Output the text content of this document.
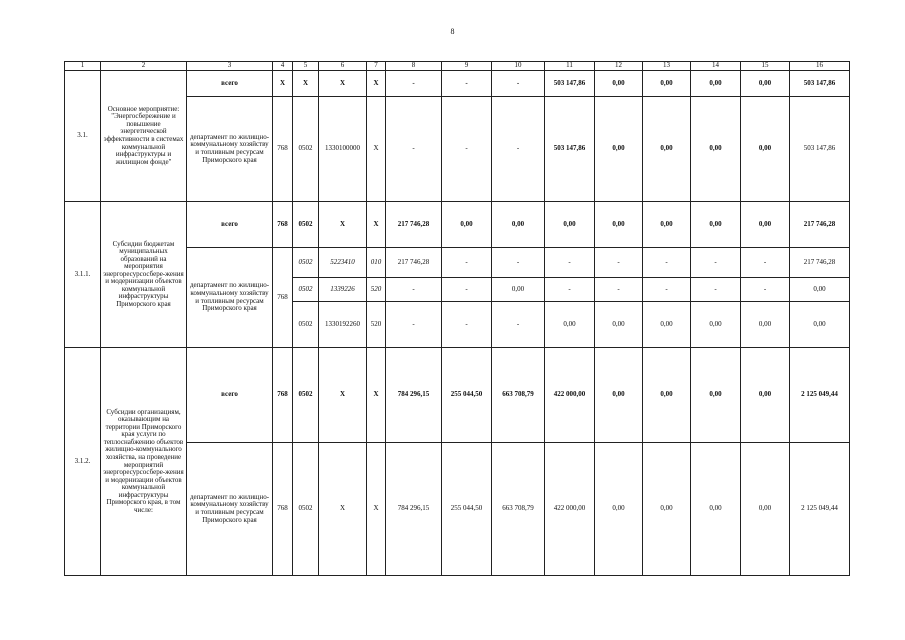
8
1	2	3	4	5	6	7	8	9	10	11	12	13	14	15	16
3.1.	Основное мероприятие: "Энергосбережение и повышение энергетической эффективности в системах коммунальной инфраструктуры и жилищном фонде"	всего	X	X	X	X	-	-	-	503 147,86	0,00	0,00	0,00	0,00	503 147,86
		департамент по жилищно-коммунальному хозяйству и топливным ресурсам Приморского края	768	0502	1330100000	X	-	-	-	503 147,86	0,00	0,00	0,00	0,00	503 147,86
3.1.1.	Субсидии бюджетам муниципальных образований на мероприятия энергоресурсосбере-жения и модернизации объектов коммунальной инфраструктуры Приморского края	всего	768	0502	X	X	217 746,28	0,00	0,00	0,00	0,00	0,00	0,00	0,00	217 746,28
		департамент по жилищно-коммунальному хозяйству и топливным ресурсам Приморского края	768	0502	5223410	010	217 746,28	-	-	-	-	-	-	-	217 746,28
				0502	1339226	520	-	-	0,00	-	-	-	-	-	0,00
				0502	1330192260	520	-	-	-	0,00	0,00	0,00	0,00	0,00	0,00
3.1.2.	Субсидии организациям, оказывающим на территории Приморского края услуги по теплоснабжению объектов жилищно-коммунального хозяйства, на проведение мероприятий энергоресурсосбере-жения и модернизации объектов коммунальной инфраструктуры Приморского края, в том числе:	всего	768	0502	X	X	784 296,15	255 044,50	663 708,79	422 000,00	0,00	0,00	0,00	0,00	2 125 049,44
		департамент по жилищно-коммунальному хозяйству и топливным ресурсам Приморского края	768	0502	X	X	784 296,15	255 044,50	663 708,79	422 000,00	0,00	0,00	0,00	0,00	2 125 049,44
